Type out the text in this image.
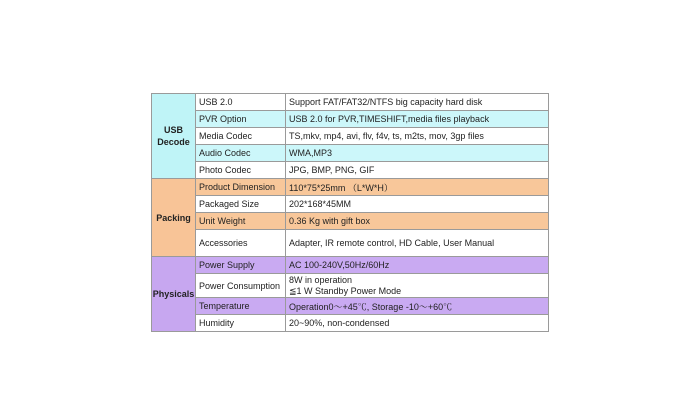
USB Decode	USB 2.0	Support FAT/FAT32/NTFS big capacity hard disk
	PVR Option	USB 2.0 for PVR,TIMESHIFT,media files playback
	Media Codec	TS,mkv, mp4, avi, flv, f4v, ts, m2ts, mov, 3gp files
	Audio Codec	WMA,MP3
	Photo Codec	JPG, BMP, PNG, GIF
Packing	Product Dimension	110*75*25mm （L*W*H）
	Packaged Size	202*168*45MM
	Unit Weight	0.36 Kg with gift box
	Accessories	Adapter, IR remote control, HD Cable, User Manual
Physicals	Power Supply	AC 100-240V,50Hz/60Hz
	Power Consumption	8W in operation
≦1 W Standby Power Mode

	Temperature	Operation0～+45℃, Storage -10～+60℃
	Humidity	20~90%, non-condensed
